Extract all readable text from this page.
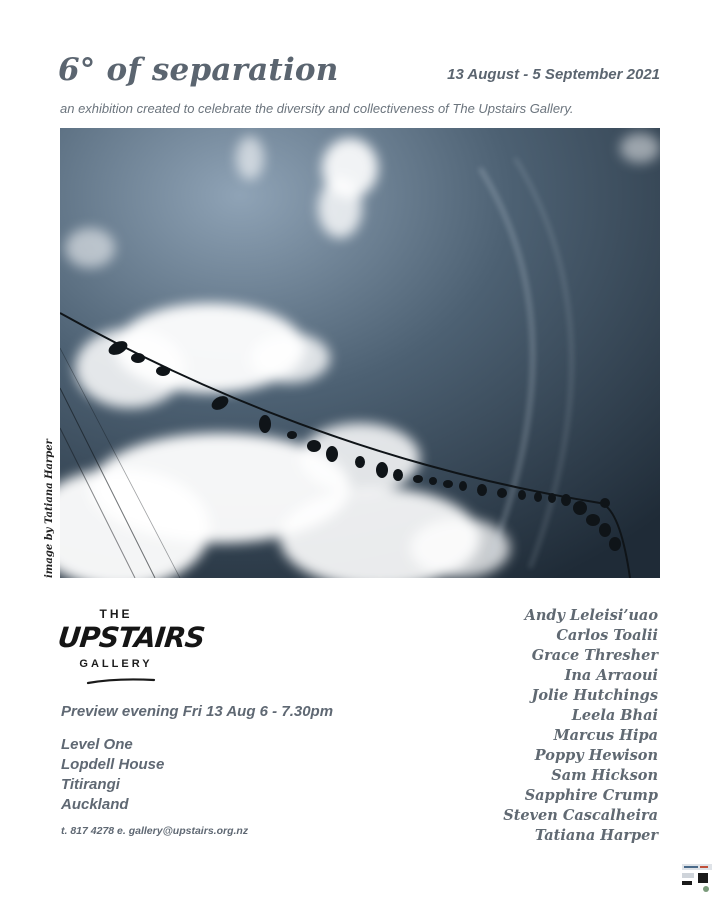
6° of separation	13 August - 5 September 2021
an exhibition created to celebrate the diversity and collectiveness of The Upstairs Gallery.
image by Tatiana Harper
THE
UPSTAIRS
GALLERY
Preview evening Fri 13 Aug 6 - 7.30pm
Level One
Lopdell House
Titirangi
Auckland
t. 817 4278 e. gallery@upstairs.org.nz
Andy Leleisi’uao
Carlos Toalii
Grace Thresher
Ina Arraoui
Jolie Hutchings
Leela Bhai
Marcus Hipa
Poppy Hewison
Sam Hickson
Sapphire Crump
Steven Cascalheira
Tatiana Harper
